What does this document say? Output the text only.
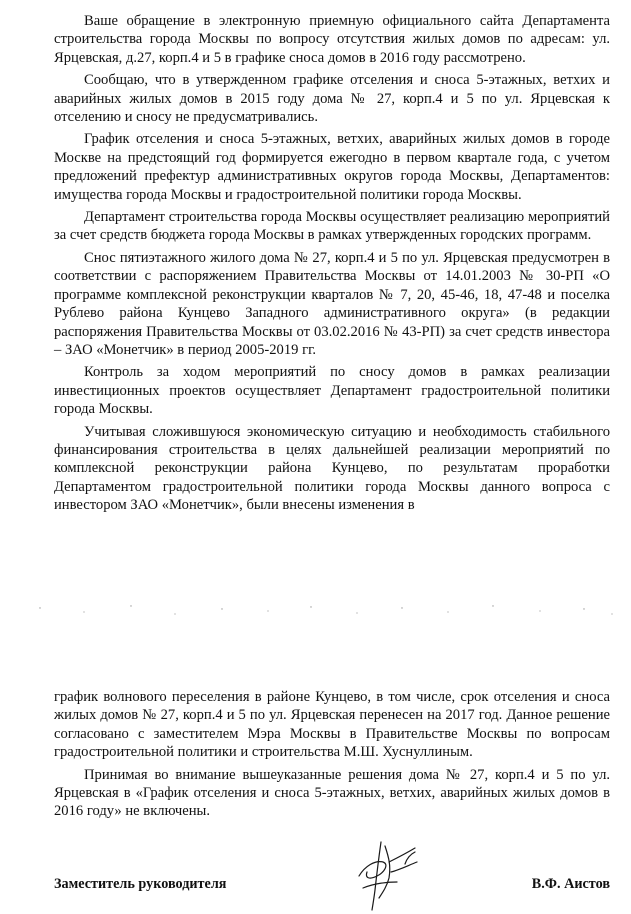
Ваше обращение в электронную приемную официального сайта Департамента строительства города Москвы по вопросу отсутствия жилых домов по адресам: ул. Ярцевская, д.27, корп.4 и 5 в графике сноса домов в 2016 году рассмотрено.

Сообщаю, что в утвержденном графике отселения и сноса 5-этажных, ветхих и аварийных жилых домов в 2015 году дома № 27, корп.4 и 5 по ул. Ярцевская к отселению и сносу не предусматривались.

График отселения и сноса 5-этажных, ветхих, аварийных жилых домов в городе Москве на предстоящий год формируется ежегодно в первом квартале года, с учетом предложений префектур административных округов города Москвы, Департаментов: имущества города Москвы и градостроительной политики города Москвы.

Департамент строительства города Москвы осуществляет реализацию мероприятий за счет средств бюджета города Москвы в рамках утвержденных городских программ.

Снос пятиэтажного жилого дома № 27, корп.4 и 5 по ул. Ярцевская предусмотрен в соответствии с распоряжением Правительства Москвы от 14.01.2003 № 30-РП «О программе комплексной реконструкции кварталов № 7, 20, 45-46, 18, 47-48 и поселка Рублево района Кунцево Западного административного округа» (в редакции распоряжения Правительства Москвы от 03.02.2016 № 43-РП) за счет средств инвестора – ЗАО «Монетчик» в период 2005-2019 гг.

Контроль за ходом мероприятий по сносу домов в рамках реализации инвестиционных проектов осуществляет Департамент градостроительной политики города Москвы.

Учитывая сложившуюся экономическую ситуацию и необходимость стабильного финансирования строительства в целях дальнейшей реализации мероприятий по комплексной реконструкции района Кунцево, по результатам проработки Департаментом градостроительной политики города Москвы данного вопроса с инвестором ЗАО «Монетчик», были внесены изменения в

график волнового переселения в районе Кунцево, в том числе, срок отселения и сноса жилых домов № 27, корп.4 и 5 по ул. Ярцевская перенесен на 2017 год. Данное решение согласовано с заместителем Мэра Москвы в Правительстве Москвы по вопросам градостроительной политики и строительства М.Ш. Хуснуллиным.

Принимая во внимание вышеуказанные решения дома № 27, корп.4 и 5 по ул. Ярцевская в «График отселения и сноса 5-этажных, ветхих, аварийных жилых домов в 2016 году» не включены.

Заместитель руководителя	В.Ф. Аистов
